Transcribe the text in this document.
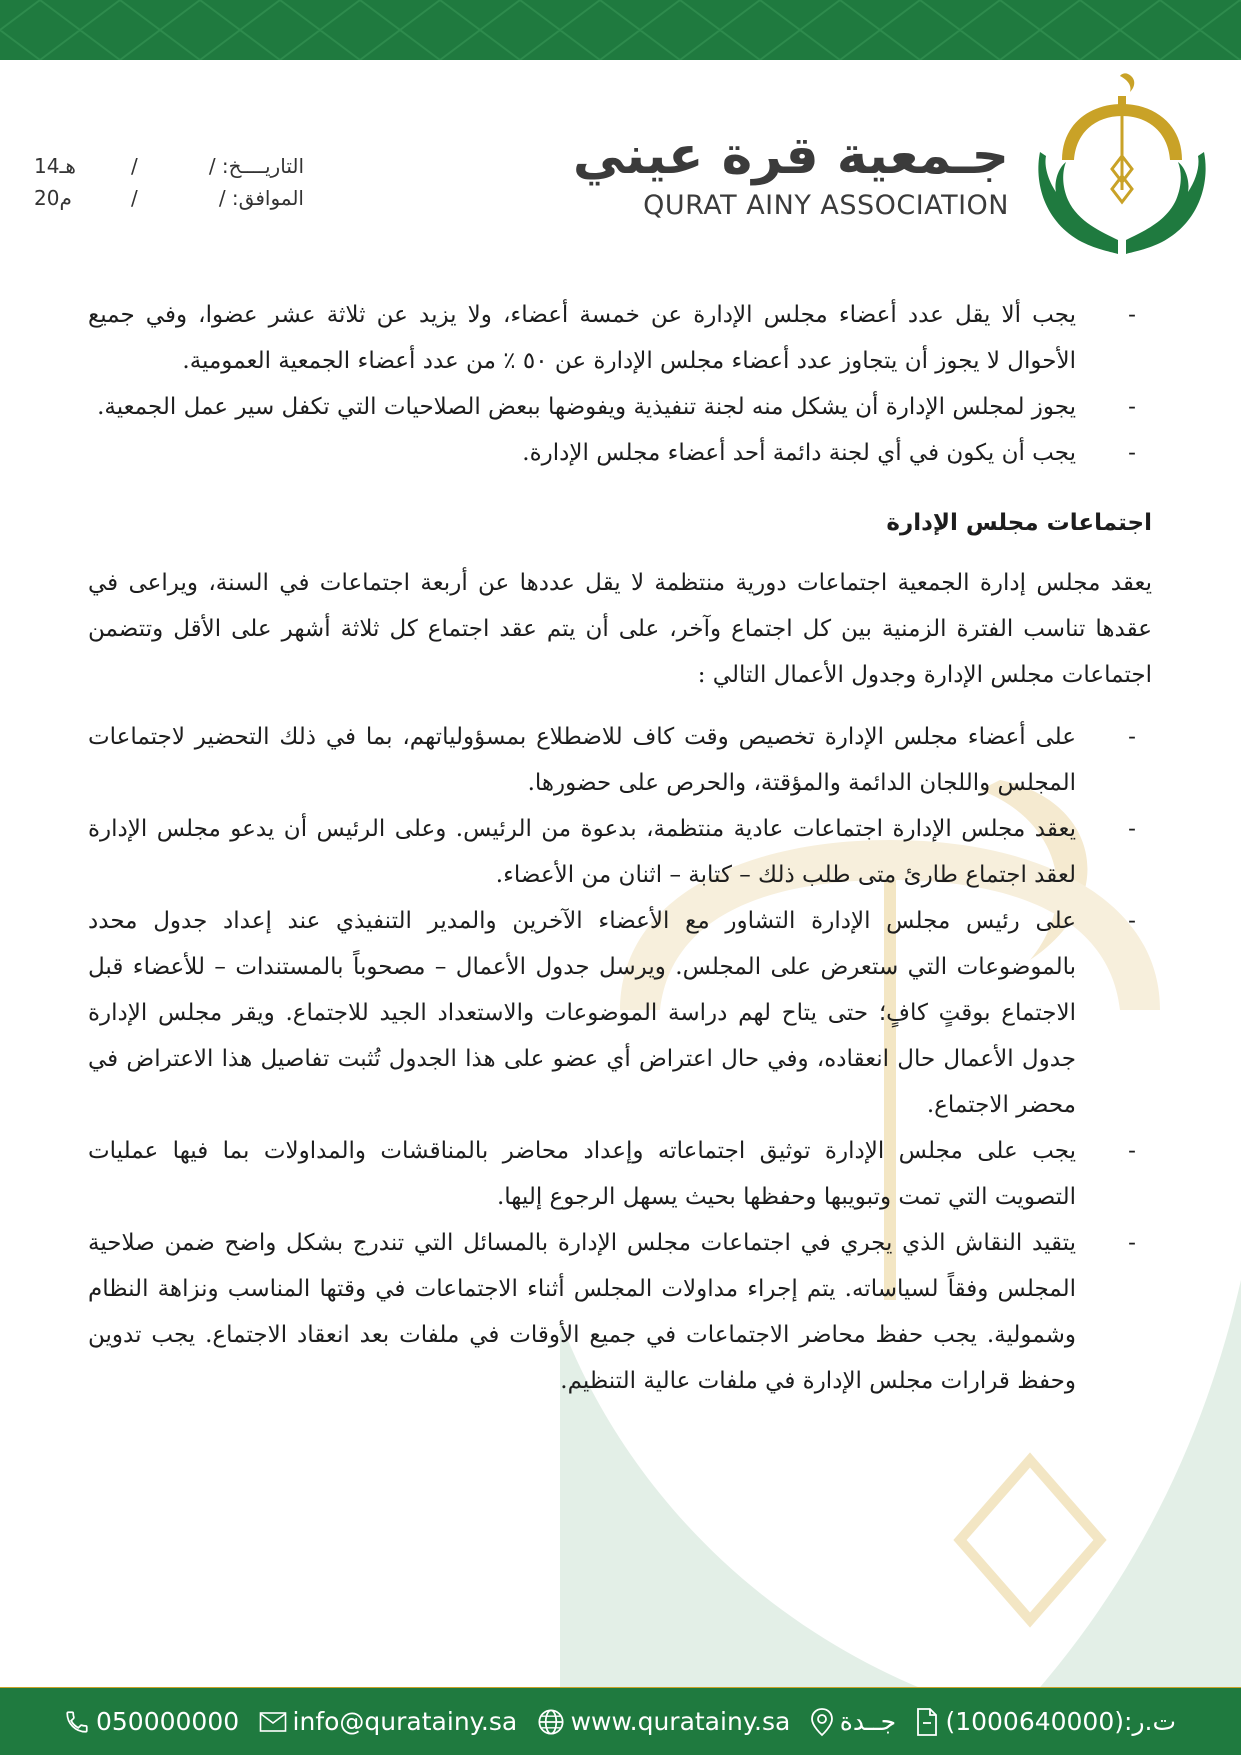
جـمعية قرة عيني
QURAT AINY ASSOCIATION
التاريــــخ: /
/
14هـ
الموافق: /
/
20م
-
يجب ألا يقل عدد أعضاء مجلس الإدارة عن خمسة أعضاء، ولا يزيد عن ثلاثة عشر عضوا، وفي جميع الأحوال لا يجوز أن يتجاوز عدد أعضاء مجلس الإدارة عن ٥٠ ٪ من عدد أعضاء الجمعية العمومية.
-
يجوز لمجلس الإدارة أن يشكل منه لجنة تنفيذية ويفوضها ببعض الصلاحيات التي تكفل سير عمل الجمعية.
-
يجب أن يكون في أي لجنة دائمة أحد أعضاء مجلس الإدارة.
اجتماعات مجلس الإدارة

يعقد مجلس إدارة الجمعية اجتماعات دورية منتظمة لا يقل عددها عن أربعة اجتماعات في السنة، ويراعى في عقدها تناسب الفترة الزمنية بين كل اجتماع وآخر، على أن يتم عقد اجتماع كل ثلاثة أشهر على الأقل وتتضمن اجتماعات مجلس الإدارة وجدول الأعمال التالي :

-
على أعضاء مجلس الإدارة تخصيص وقت كاف للاضطلاع بمسؤولياتهم، بما في ذلك التحضير لاجتماعات المجلس واللجان الدائمة والمؤقتة، والحرص على حضورها.
-
يعقد مجلس الإدارة اجتماعات عادية منتظمة، بدعوة من الرئيس. وعلى الرئيس أن يدعو مجلس الإدارة لعقد اجتماع طارئ متى طلب ذلك – كتابة – اثنان من الأعضاء.
-
على رئيس مجلس الإدارة التشاور مع الأعضاء الآخرين والمدير التنفيذي عند إعداد جدول محدد بالموضوعات التي ستعرض على المجلس. ويرسل جدول الأعمال – مصحوباً بالمستندات – للأعضاء قبل الاجتماع بوقتٍ كافٍ؛ حتى يتاح لهم دراسة الموضوعات والاستعداد الجيد للاجتماع. ويقر مجلس الإدارة جدول الأعمال حال انعقاده، وفي حال اعتراض أي عضو على هذا الجدول تُثبت تفاصيل هذا الاعتراض في محضر الاجتماع.
-
يجب على مجلس الإدارة توثيق اجتماعاته وإعداد محاضر بالمناقشات والمداولات بما فيها عمليات التصويت التي تمت وتبويبها وحفظها بحيث يسهل الرجوع إليها.
-
يتقيد النقاش الذي يجري في اجتماعات مجلس الإدارة بالمسائل التي تندرج بشكل واضح ضمن صلاحية المجلس وفقاً لسياساته. يتم إجراء مداولات المجلس أثناء الاجتماعات في وقتها المناسب ونزاهة النظام وشمولية. يجب حفظ محاضر الاجتماعات في جميع الأوقات في ملفات بعد انعقاد الاجتماع. يجب تدوين وحفظ قرارات مجلس الإدارة في ملفات عالية التنظيم.
050000000 info@quratainy.sa www.quratainy.sa جــدة (1000640000):ت.ر
